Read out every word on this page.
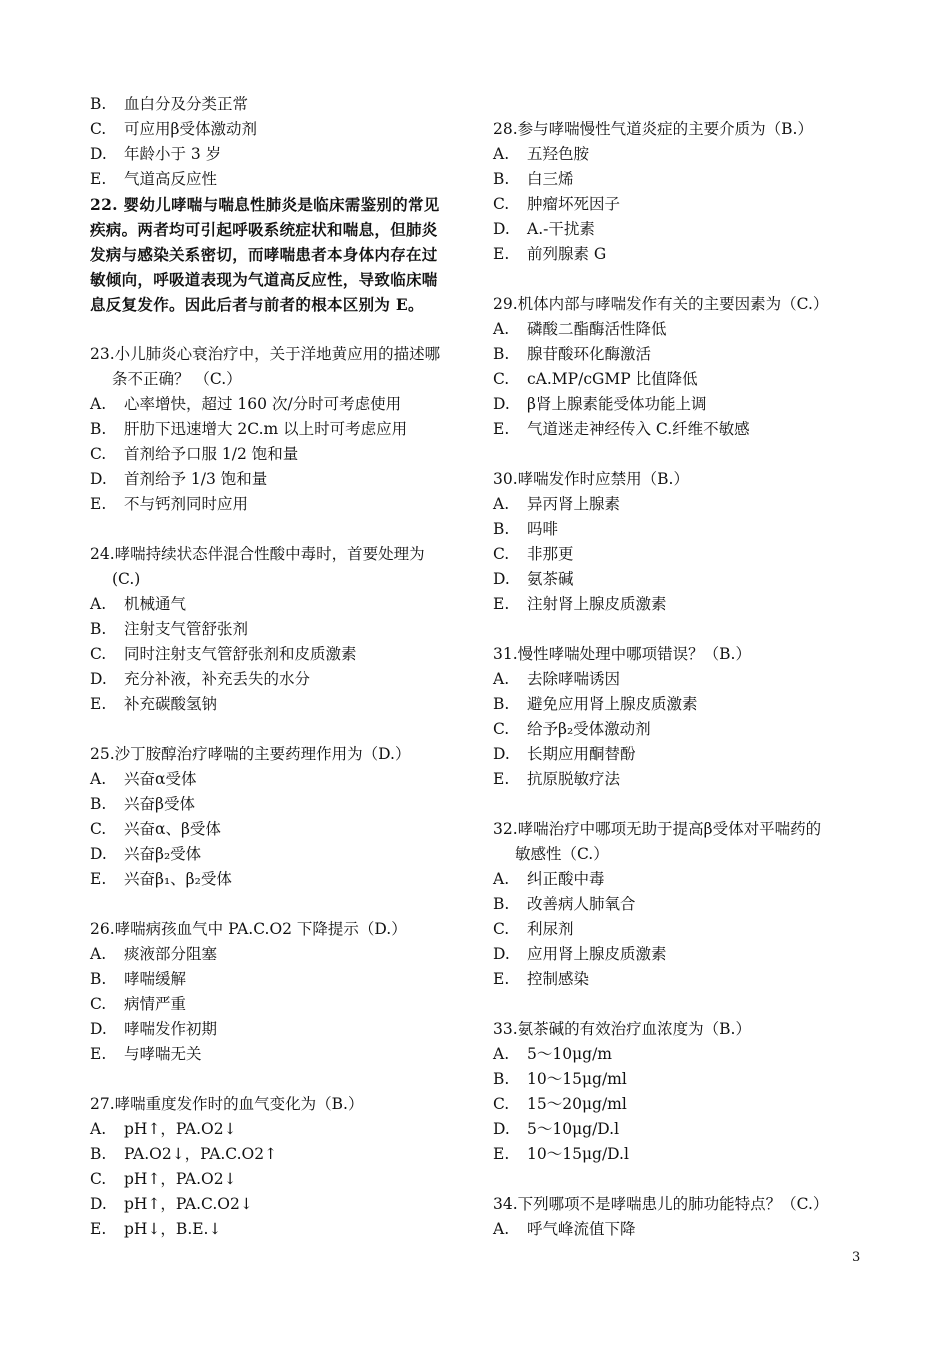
B.	血白分及分类正常
C.	可应用β受体激动剂
D.	年龄小于 3 岁
E.	气道高反应性
22. 婴幼儿哮喘与喘息性肺炎是临床需鉴别的常见
疾病。两者均可引起呼吸系统症状和喘息，但肺炎
发病与感染关系密切，而哮喘患者本身体内存在过
敏倾向，呼吸道表现为气道高反应性，导致临床喘
息反复发作。因此后者与前者的根本区别为 E。
23.小儿肺炎心衰治疗中，关于洋地黄应用的描述哪
条不正确？ （C.）
A.	心率增快，超过 160 次/分时可考虑使用
B.	肝肋下迅速增大 2C.m 以上时可考虑应用
C.	首剂给予口服 1/2 饱和量
D.	首剂给予 1/3 饱和量
E.	不与钙剂同时应用
24.哮喘持续状态伴混合性酸中毒时，首要处理为
(C.)
A.	机械通气
B.	注射支气管舒张剂
C.	同时注射支气管舒张剂和皮质激素
D.	充分补液，补充丢失的水分
E.	补充碳酸氢钠
25.沙丁胺醇治疗哮喘的主要药理作用为（D.）
A.	兴奋α受体
B.	兴奋β受体
C.	兴奋α、β受体
D.	兴奋β₂受体
E.	兴奋β₁、β₂受体
26.哮喘病孩血气中 PA.C.O2 下降提示（D.）
A.	痰液部分阻塞
B.	哮喘缓解
C.	病情严重
D.	哮喘发作初期
E.	与哮喘无关
27.哮喘重度发作时的血气变化为（B.）
A.	pH↑，PA.O2↓
B.	PA.O2↓，PA.C.O2↑
C.	pH↑，PA.O2↓
D.	pH↑，PA.C.O2↓
E.	pH↓，B.E.↓
28.参与哮喘慢性气道炎症的主要介质为（B.）
A.	五羟色胺
B.	白三烯
C.	肿瘤坏死因子
D.	A.-干扰素
E.	前列腺素 G
29.机体内部与哮喘发作有关的主要因素为（C.）
A.	磷酸二酯酶活性降低
B.	腺苷酸环化酶激活
C.	cA.MP/cGMP 比值降低
D.	β肾上腺素能受体功能上调
E.	气道迷走神经传入 C.纤维不敏感
30.哮喘发作时应禁用（B.）
A.	异丙肾上腺素
B.	吗啡
C.	非那更
D.	氨茶碱
E.	注射肾上腺皮质激素
31.慢性哮喘处理中哪项错误？（B.）
A.	去除哮喘诱因
B.	避免应用肾上腺皮质激素
C.	给予β₂受体激动剂
D.	长期应用酮替酚
E.	抗原脱敏疗法
32.哮喘治疗中哪项无助于提高β受体对平喘药的
敏感性（C.）
A.	纠正酸中毒
B.	改善病人肺氧合
C.	利尿剂
D.	应用肾上腺皮质激素
E.	控制感染
33.氨茶碱的有效治疗血浓度为（B.）
A.	5～10μg/m
B.	10～15μg/ml
C.	15～20μg/ml
D.	5～10μg/D.l
E.	10～15μg/D.l
34.下列哪项不是哮喘患儿的肺功能特点？（C.）
A.	呼气峰流值下降
3
